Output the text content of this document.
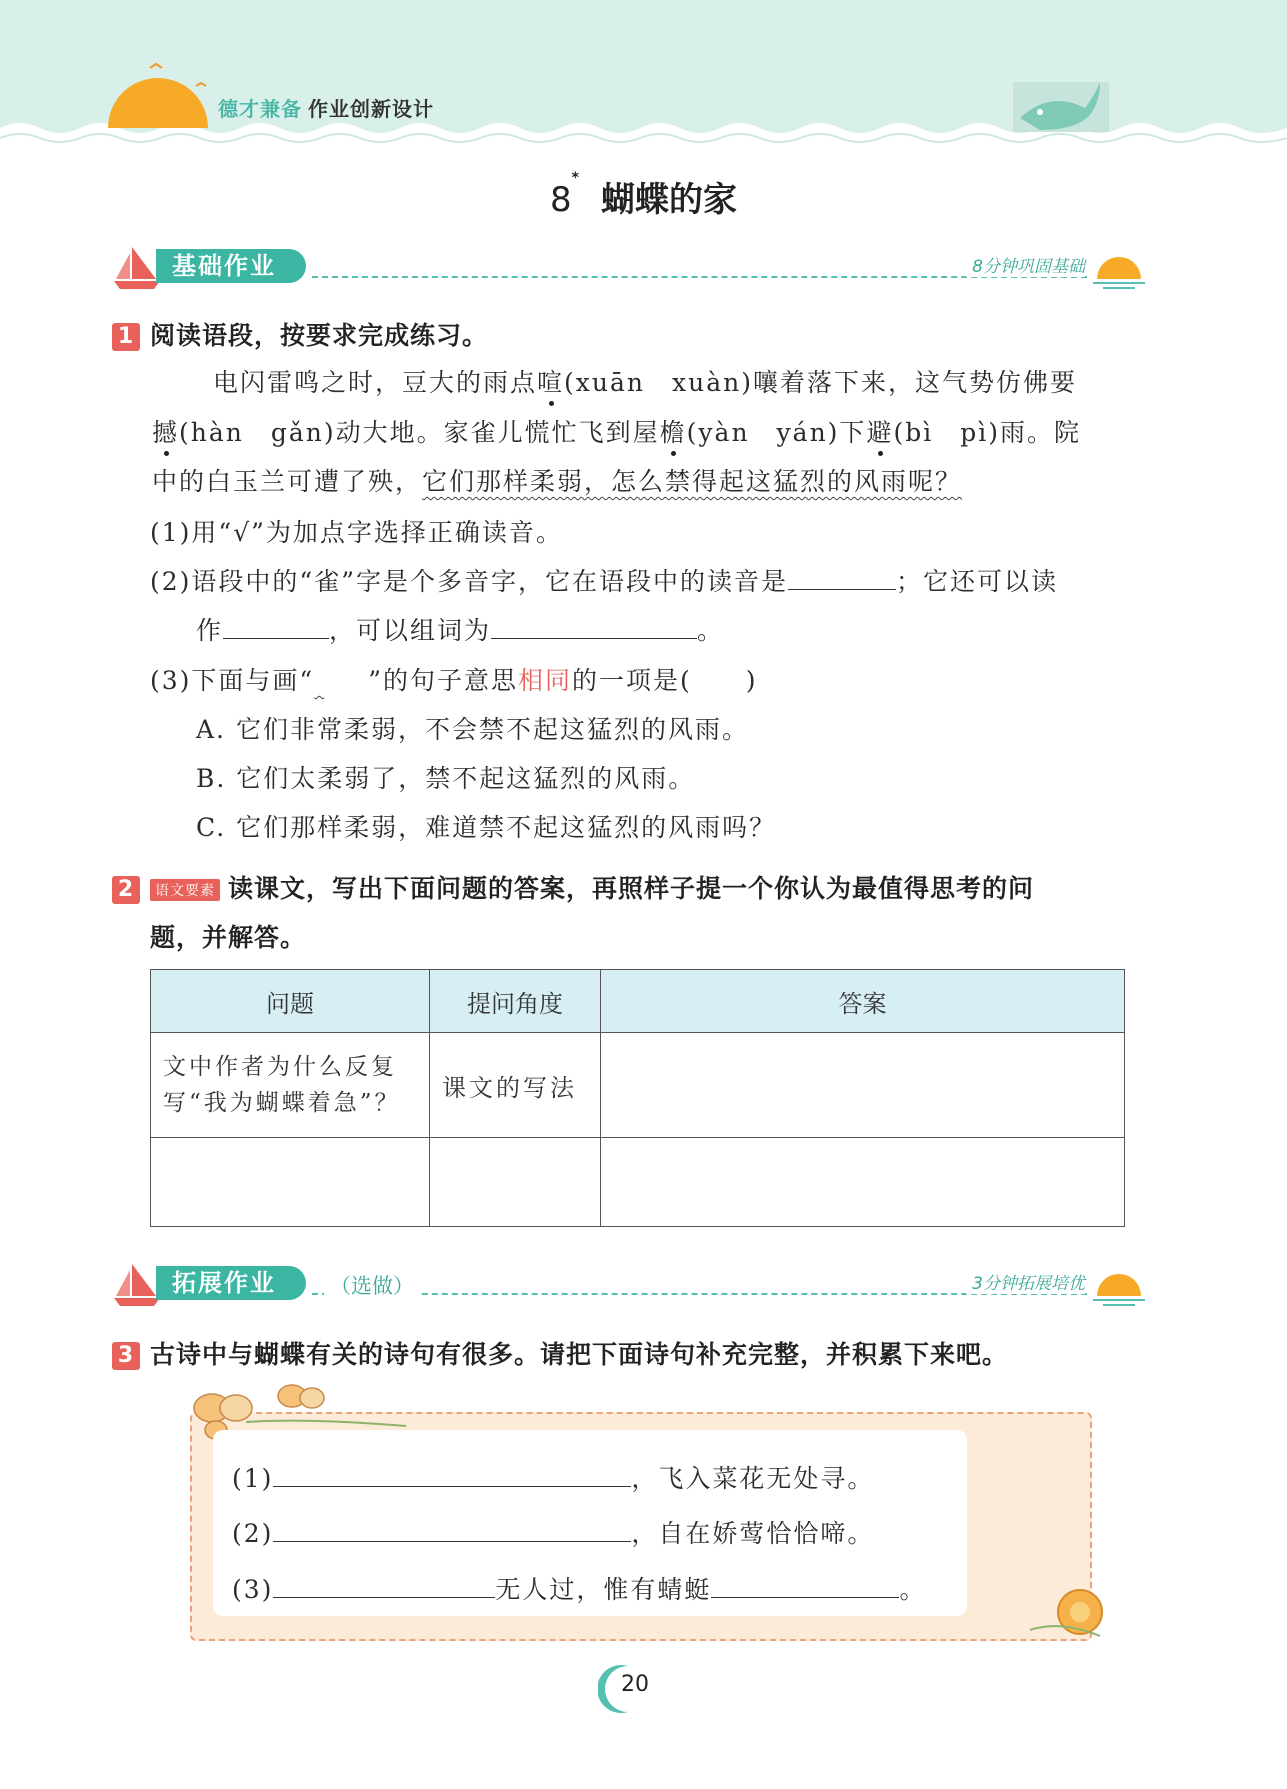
德才兼备 作业创新设计
8*蝴蝶的家
基础作业	8分钟巩固基础
1 阅读语段，按要求完成练习。
电闪雷鸣之时，豆大的雨点喧(xuān　xuàn)嚷着落下来，这气势仿佛要
撼(hàn　gǎn)动大地。家雀儿慌忙飞到屋檐(yàn　yán)下避(bì　pì)雨。院
中的白玉兰可遭了殃，它们那样柔弱，怎么禁得起这猛烈的风雨呢？
(1)用“√”为加点字选择正确读音。
(2)语段中的“雀”字是个多音字，它在语段中的读音是	；它还可以读
作	，可以组词为	。
(3)下面与画“ ”的句子意思相同的一项是(　　)
A. 它们非常柔弱，不会禁不起这猛烈的风雨。
B. 它们太柔弱了，禁不起这猛烈的风雨。
C. 它们那样柔弱，难道禁不起这猛烈的风雨吗？
2 语文要素 读课文，写出下面问题的答案，再照样子提一个你认为最值得思考的问
题，并解答。
问题	提问角度	答案
文中作者为什么反复写“我为蝴蝶着急”？	课文的写法	

拓展作业	（选做）	3分钟拓展培优
3 古诗中与蝴蝶有关的诗句有很多。请把下面诗句补充完整，并积累下来吧。
(1)	，飞入菜花无处寻。
(2)	，自在娇莺恰恰啼。
(3)	无人过，惟有蜻蜓	。
20
